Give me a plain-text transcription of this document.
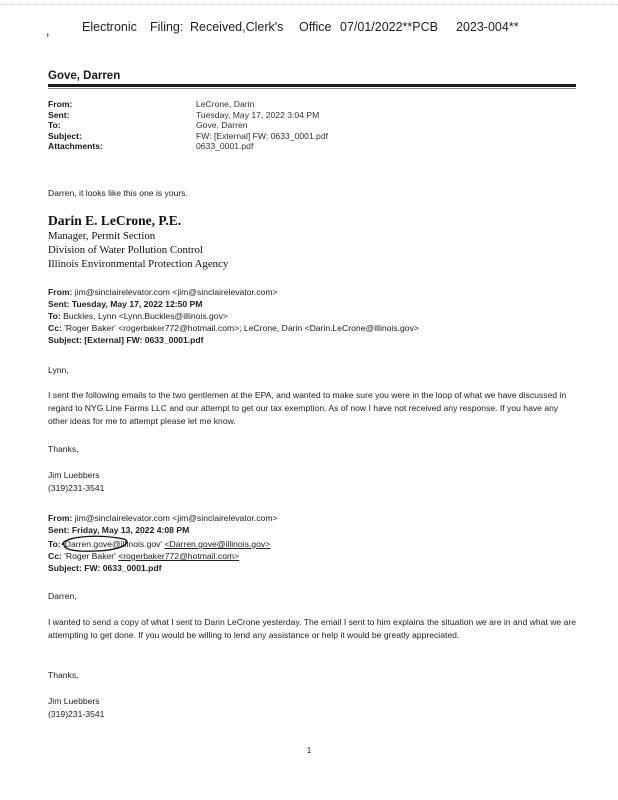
,	Electronic Filing: Received,Clerk's Office 07/01/2022**PCB 2023-004**
Gove, Darren
From:	LeCrone, Darin
Sent:	Tuesday, May 17, 2022 3:04 PM
To:	Gove, Darren
Subject:	FW: [External] FW: 0633_0001.pdf
Attachments:	0633_0001.pdf
Darren, it looks like this one is yours.
Darin E. LeCrone, P.E.
Manager, Permit Section
Division of Water Pollution Control
Illinois Environmental Protection Agency
From: jim@sinclairelevator.com <jim@sinclairelevator.com>
Sent: Tuesday, May 17, 2022 12:50 PM
To: Buckles, Lynn <Lynn.Buckles@illinois.gov>
Cc: 'Roger Baker' <rogerbaker772@hotmail.com>; LeCrone, Darin <Darin.LeCrone@illinois.gov>
Subject: [External] FW: 0633_0001.pdf
Lynn,
I sent the following emails to the two gentlemen at the EPA, and wanted to make sure you were in the loop of what we have discussed in regard to NYG Line Farms LLC and our attempt to get our tax exemption. As of now I have not received any response. If you have any other ideas for me to attempt please let me know.
Thanks,
Jim Luebbers
(319)231-3541
From: jim@sinclairelevator.com <jim@sinclairelevator.com>
Sent: Friday, May 13, 2022 4:08 PM
To: 'Darren.gove@illinois.gov' <Darren.gove@illinois.gov>
Cc: 'Roger Baker' <rogerbaker772@hotmail.com>
Subject: FW: 0633_0001.pdf
Darren,
I wanted to send a copy of what I sent to Darin LeCrone yesterday. The email I sent to him explains the situation we are in and what we are attempting to get done. If you would be willing to lend any assistance or help it would be greatly appreciated.
Thanks,
Jim Luebbers
(319)231-3541
1
